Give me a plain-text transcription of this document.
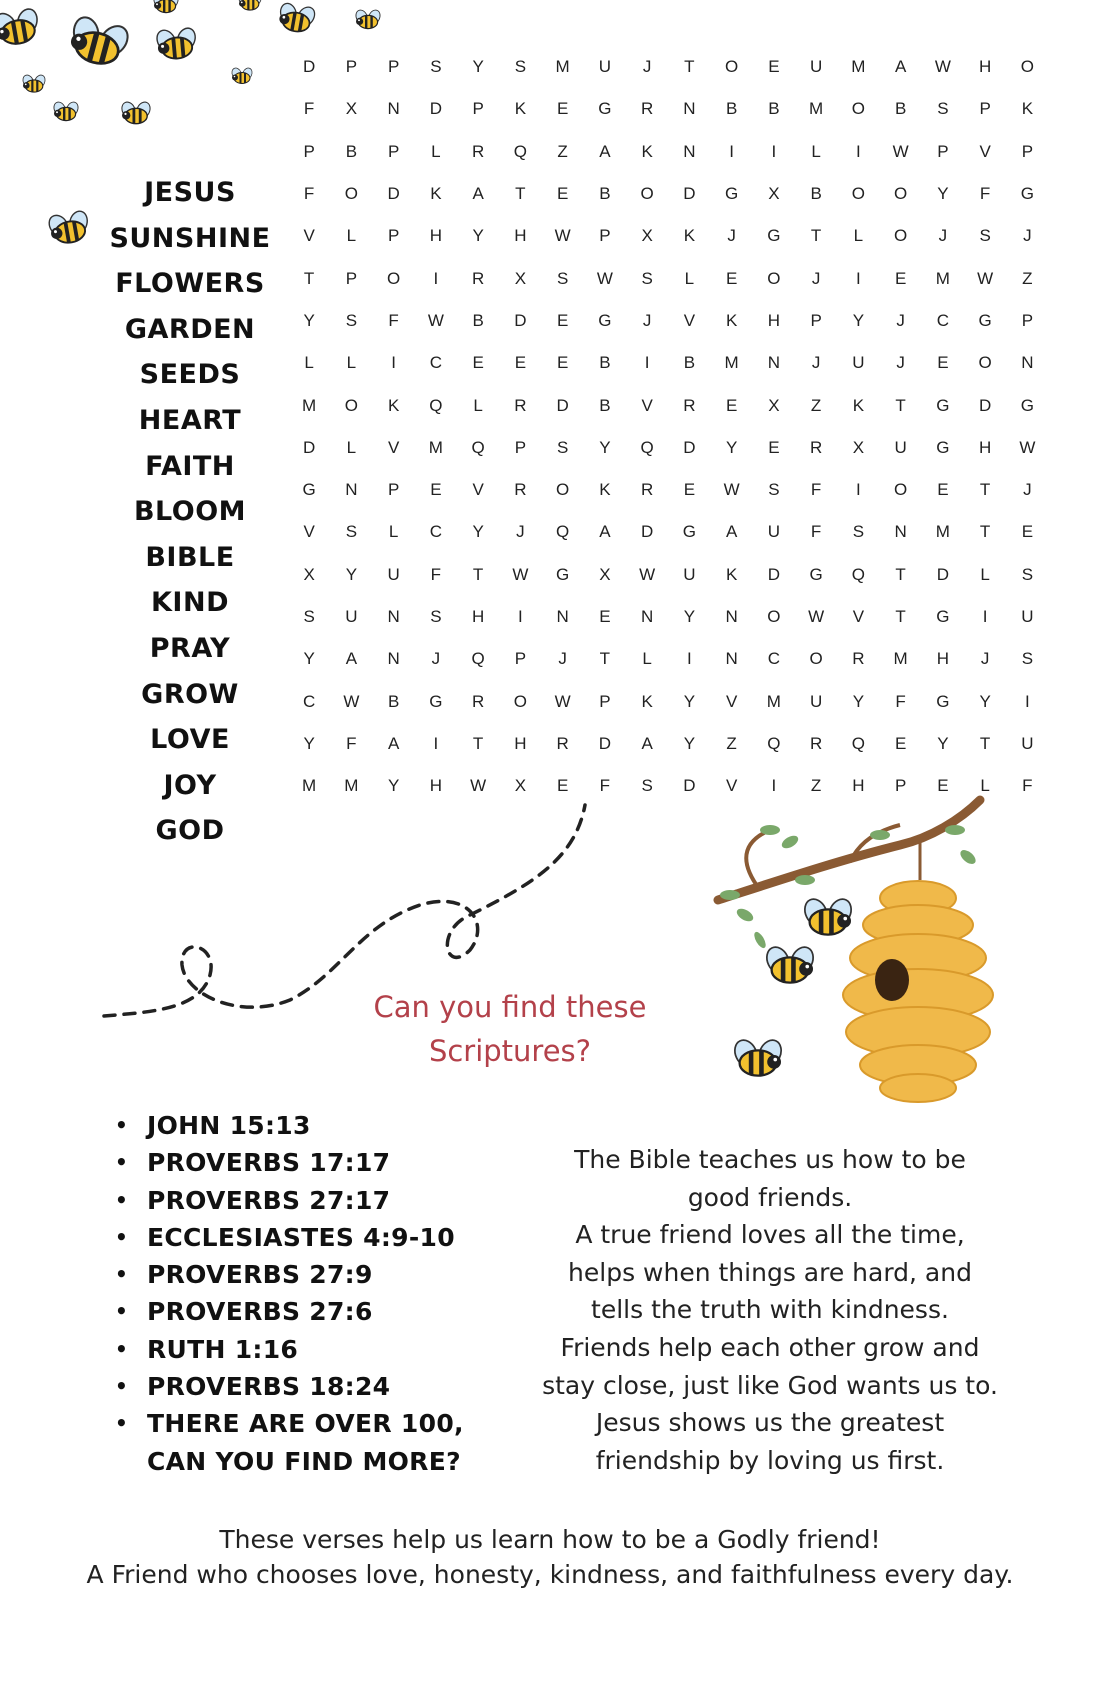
JESUS
SUNSHINE
FLOWERS
GARDEN
SEEDS
HEART
FAITH
BLOOM
BIBLE
KIND
PRAY
GROW
LOVE
JOY
GOD
D	P	P	S	Y	S	M	U	J	T	O	E	U	M	A	W	H	O
F	X	N	D	P	K	E	G	R	N	B	B	M	O	B	S	P	K
P	B	P	L	R	Q	Z	A	K	N	I	I	L	I	W	P	V	P
F	O	D	K	A	T	E	B	O	D	G	X	B	O	O	Y	F	G
V	L	P	H	Y	H	W	P	X	K	J	G	T	L	O	J	S	J
T	P	O	I	R	X	S	W	S	L	E	O	J	I	E	M	W	Z
Y	S	F	W	B	D	E	G	J	V	K	H	P	Y	J	C	G	P
L	L	I	C	E	E	E	B	I	B	M	N	J	U	J	E	O	N
M	O	K	Q	L	R	D	B	V	R	E	X	Z	K	T	G	D	G
D	L	V	M	Q	P	S	Y	Q	D	Y	E	R	X	U	G	H	W
G	N	P	E	V	R	O	K	R	E	W	S	F	I	O	E	T	J
V	S	L	C	Y	J	Q	A	D	G	A	U	F	S	N	M	T	E
X	Y	U	F	T	W	G	X	W	U	K	D	G	Q	T	D	L	S
S	U	N	S	H	I	N	E	N	Y	N	O	W	V	T	G	I	U
Y	A	N	J	Q	P	J	T	L	I	N	C	O	R	M	H	J	S
C	W	B	G	R	O	W	P	K	Y	V	M	U	Y	F	G	Y	I
Y	F	A	I	T	H	R	D	A	Y	Z	Q	R	Q	E	Y	T	U
M	M	Y	H	W	X	E	F	S	D	V	I	Z	H	P	E	L	F
Can you find these
Scriptures?
• JOHN 15:13
• PROVERBS 17:17
• PROVERBS 27:17
• ECCLESIASTES 4:9-10
• PROVERBS 27:9
• PROVERBS 27:6
• RUTH 1:16
• PROVERBS 18:24
• THERE ARE OVER 100, CAN YOU FIND MORE?
The Bible teaches us how to be
good friends.
A true friend loves all the time,
helps when things are hard, and
tells the truth with kindness.
Friends help each other grow and
stay close, just like God wants us to.
Jesus shows us the greatest
friendship by loving us first.
These verses help us learn how to be a Godly friend!
A Friend who chooses love, honesty, kindness, and faithfulness every day.
